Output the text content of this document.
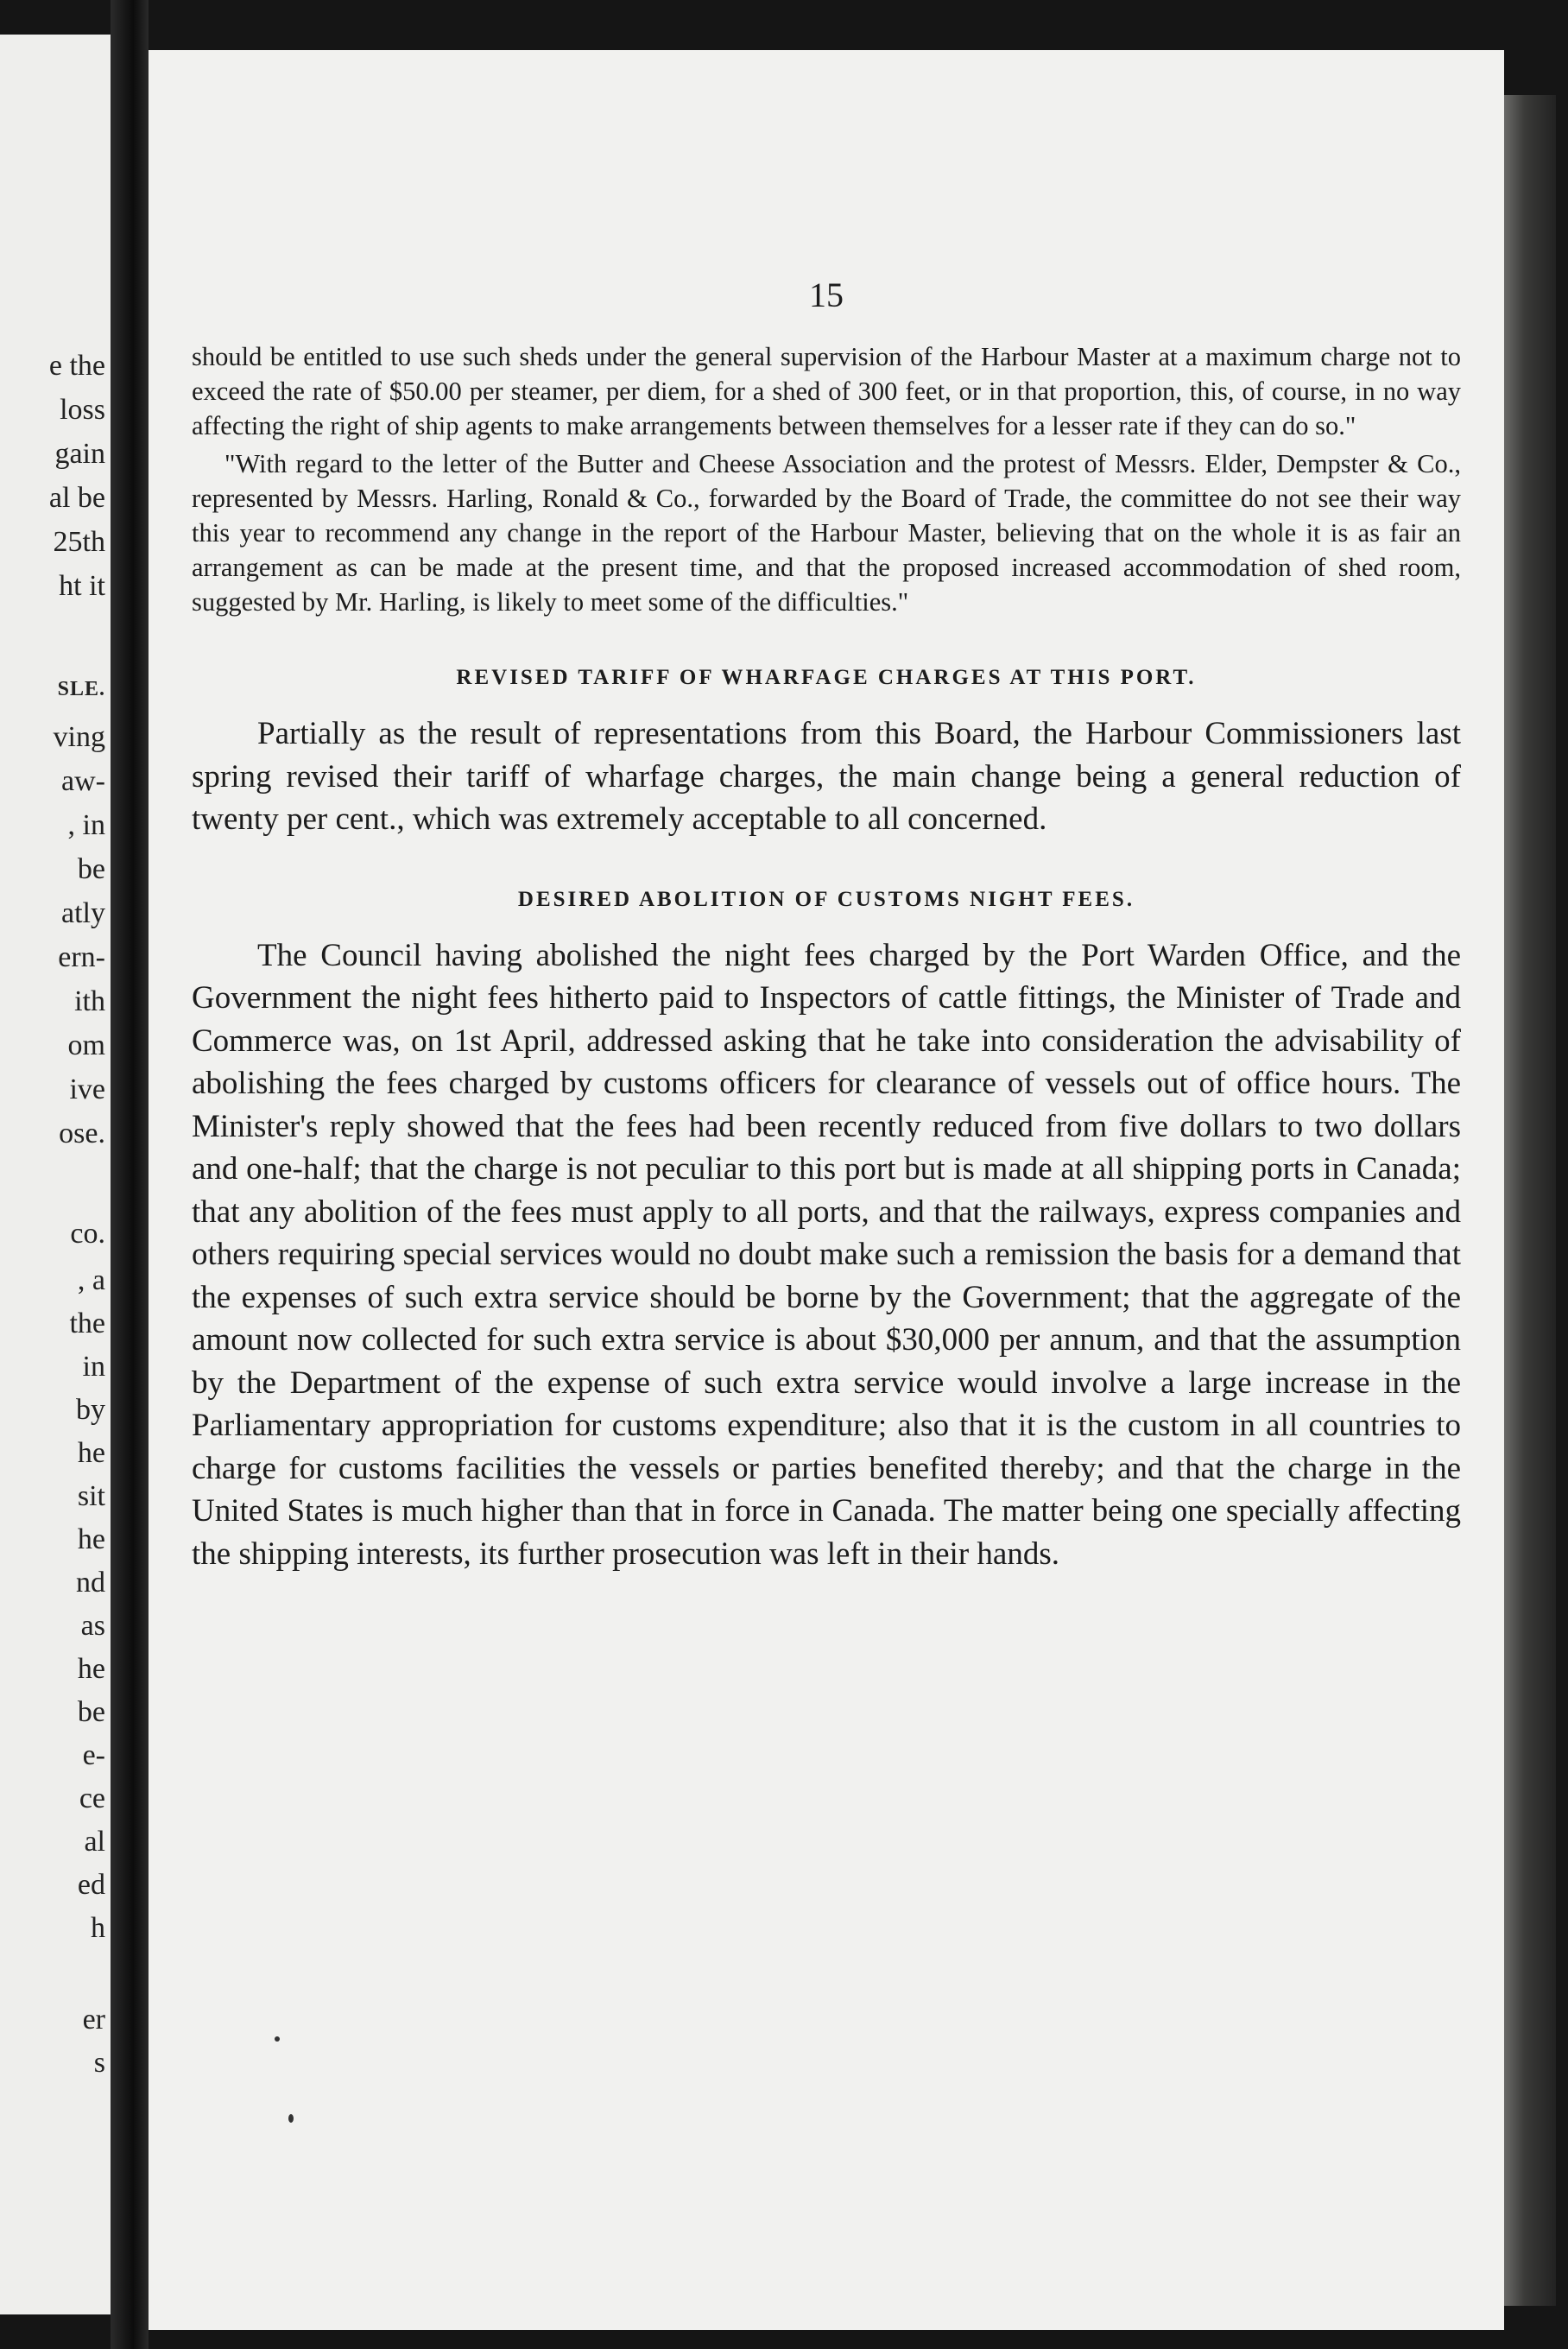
e the
loss
gain
al be
25th
ht it
SLE.
ving
aw-
, in
be
atly
ern-
ith
om
ive
ose.
co.
, a
the
in
by
he
sit
he
nd
as
he
be
e-
ce
al
ed
h
er
s
15

should be entitled to use such sheds under the general supervision of the Harbour Master at a maximum charge not to exceed the rate of $50.00 per steamer, per diem, for a shed of 300 feet, or in that proportion, this, of course, in no way affecting the right of ship agents to make arrangements between themselves for a lesser rate if they can do so."

"With regard to the letter of the Butter and Cheese Association and the protest of Messrs. Elder, Dempster & Co., represented by Messrs. Harling, Ronald & Co., forwarded by the Board of Trade, the committee do not see their way this year to recommend any change in the report of the Harbour Master, believing that on the whole it is as fair an arrangement as can be made at the present time, and that the proposed increased accommodation of shed room, suggested by Mr. Harling, is likely to meet some of the difficulties."

REVISED TARIFF OF WHARFAGE CHARGES AT THIS PORT.

Partially as the result of representations from this Board, the Harbour Commissioners last spring revised their tariff of wharfage charges, the main change being a general reduction of twenty per cent., which was extremely acceptable to all concerned.

DESIRED ABOLITION OF CUSTOMS NIGHT FEES.

The Council having abolished the night fees charged by the Port Warden Office, and the Government the night fees hitherto paid to Inspectors of cattle fittings, the Minister of Trade and Commerce was, on 1st April, addressed asking that he take into consideration the advisability of abolishing the fees charged by customs officers for clearance of vessels out of office hours. The Minister's reply showed that the fees had been recently reduced from five dollars to two dollars and one-half; that the charge is not peculiar to this port but is made at all shipping ports in Canada; that any abolition of the fees must apply to all ports, and that the railways, express companies and others requiring special services would no doubt make such a remission the basis for a demand that the expenses of such extra service should be borne by the Government; that the aggregate of the amount now collected for such extra service is about $30,000 per annum, and that the assumption by the Department of the expense of such extra service would involve a large increase in the Parliamentary appropriation for customs expenditure; also that it is the custom in all countries to charge for customs facilities the vessels or parties benefited thereby; and that the charge in the United States is much higher than that in force in Canada. The matter being one specially affecting the shipping interests, its further prosecution was left in their hands.
